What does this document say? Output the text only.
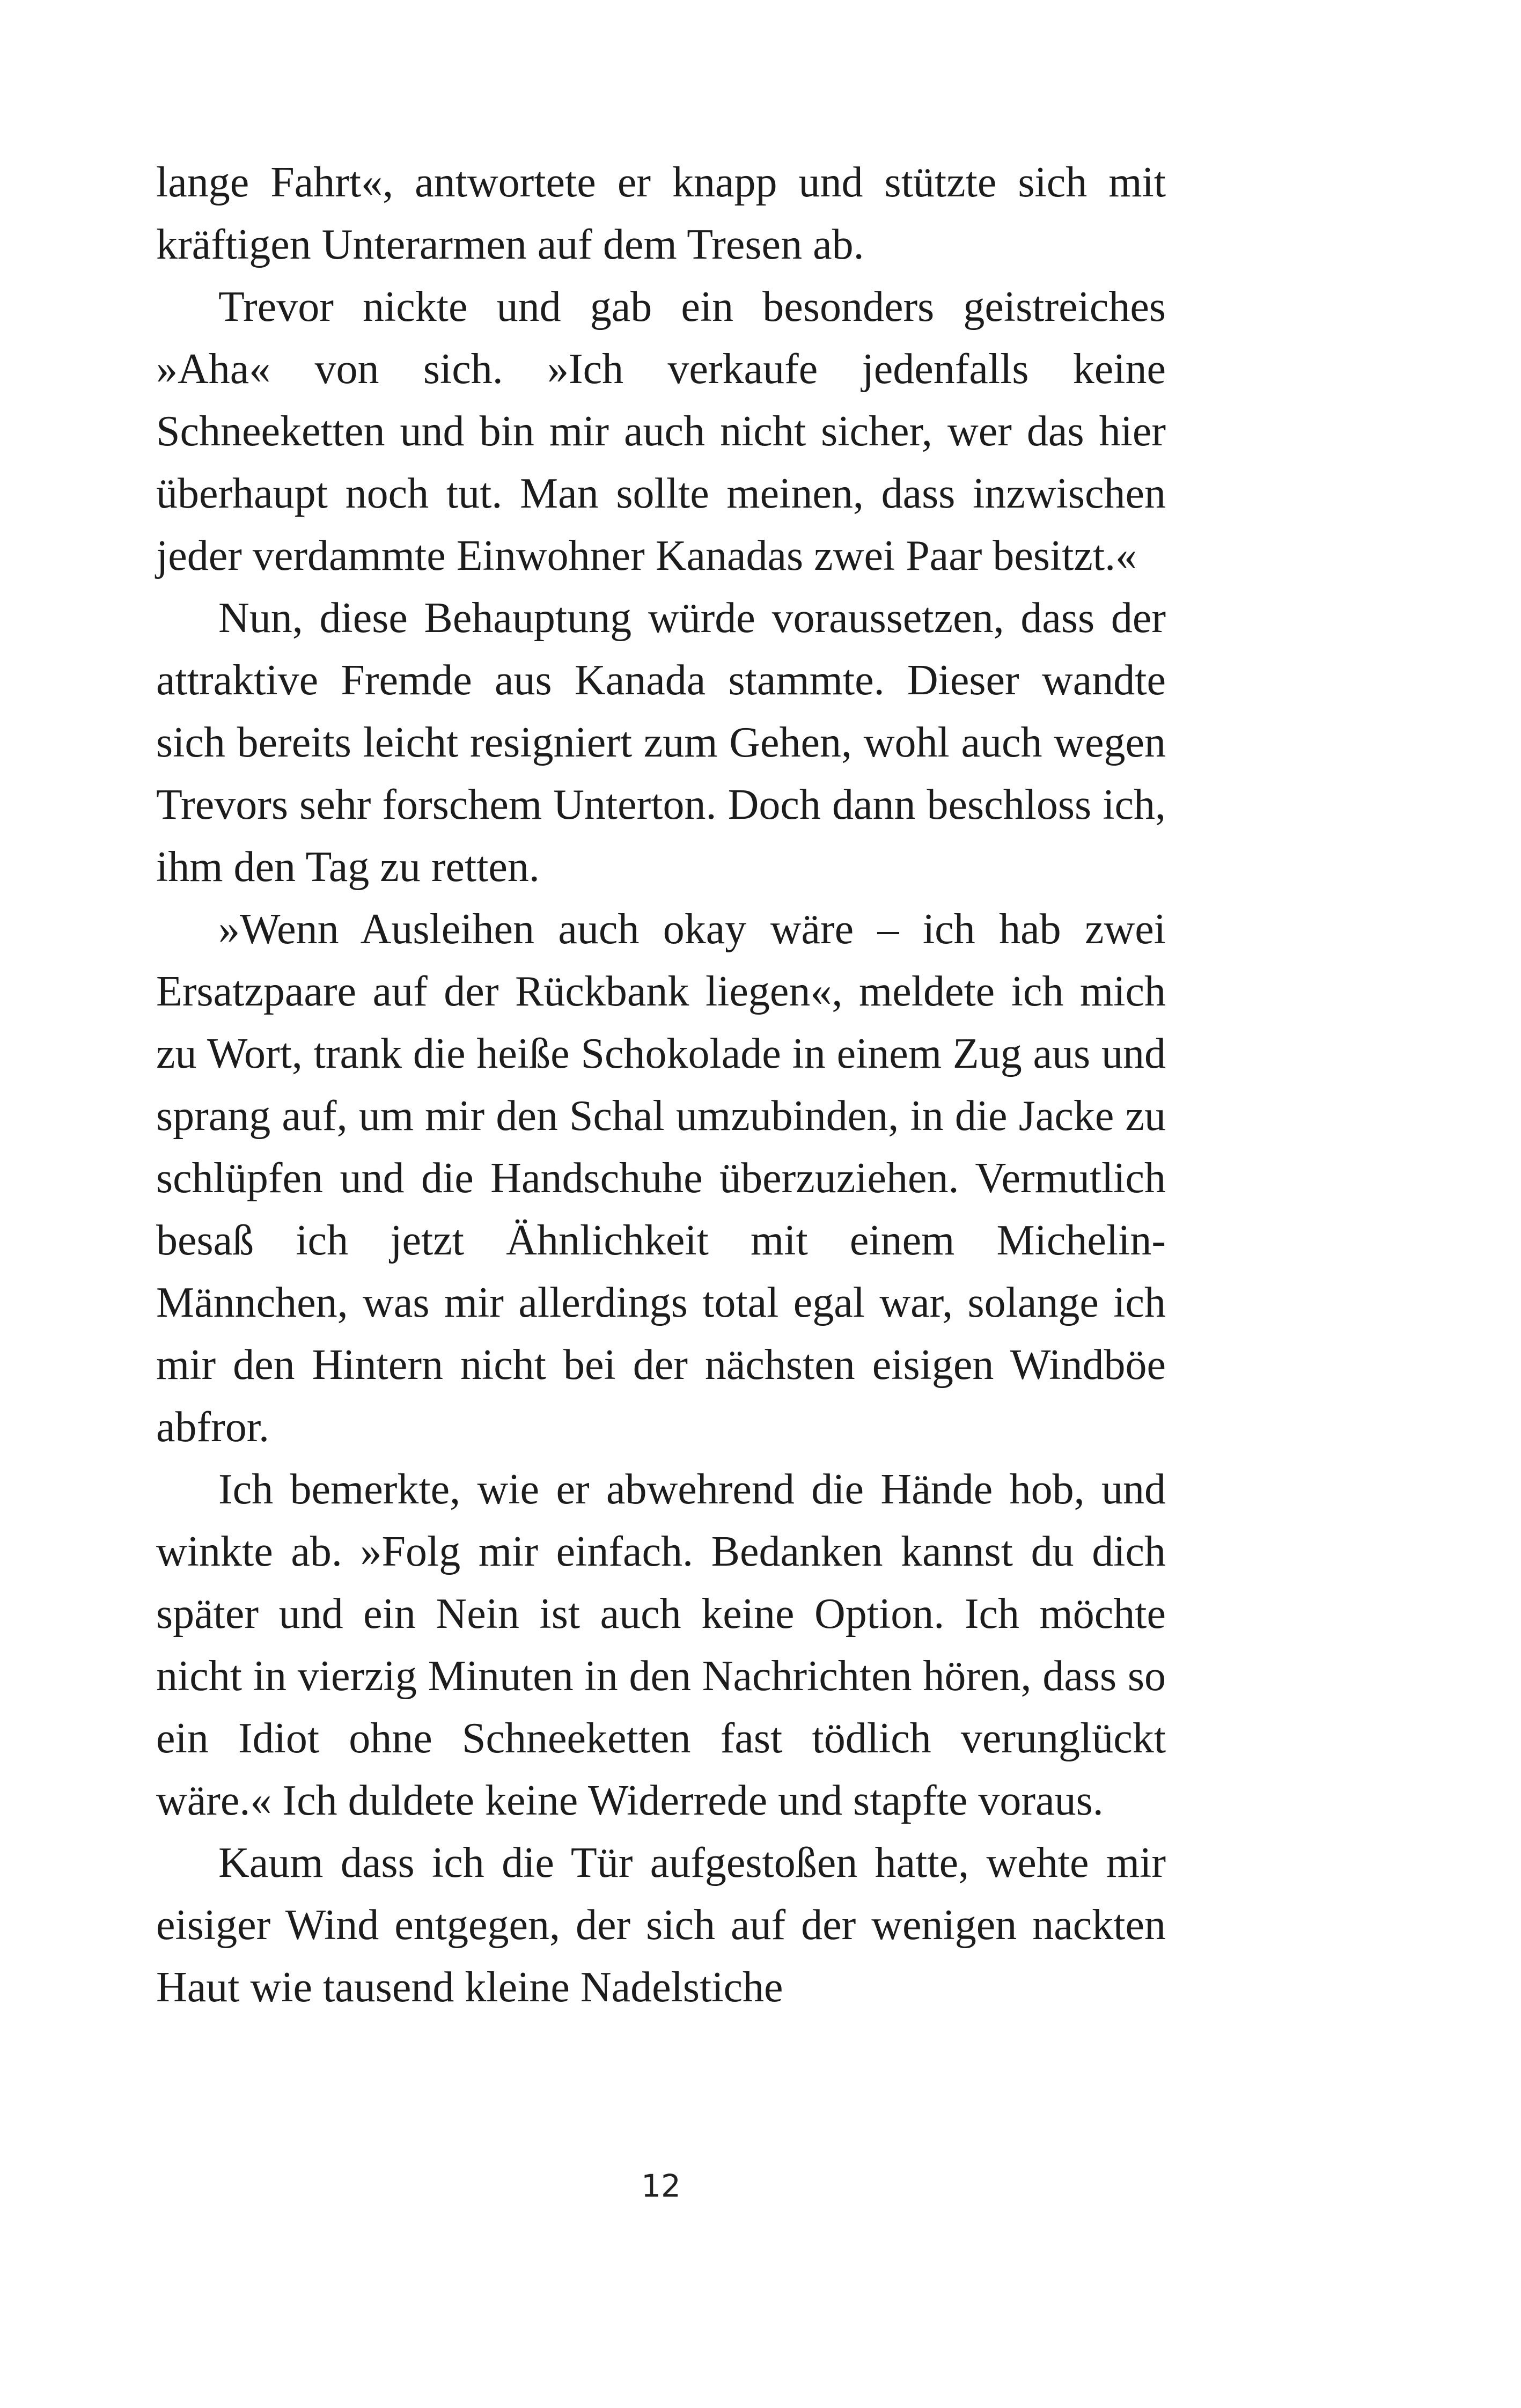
lange Fahrt«, antwortete er knapp und stützte sich mit kräftigen Unterarmen auf dem Tresen ab.

Trevor nickte und gab ein besonders geistreiches »Aha« von sich. »Ich verkaufe jedenfalls keine Schneeketten und bin mir auch nicht sicher, wer das hier überhaupt noch tut. Man sollte meinen, dass inzwischen jeder verdammte Einwohner Kanadas zwei Paar besitzt.«

Nun, diese Behauptung würde voraussetzen, dass der attraktive Fremde aus Kanada stammte. Dieser wandte sich bereits leicht resigniert zum Gehen, wohl auch wegen Trevors sehr forschem Unterton. Doch dann beschloss ich, ihm den Tag zu retten.

»Wenn Ausleihen auch okay wäre – ich hab zwei Ersatzpaare auf der Rückbank liegen«, meldete ich mich zu Wort, trank die heiße Schokolade in einem Zug aus und sprang auf, um mir den Schal umzubinden, in die Jacke zu schlüpfen und die Handschuhe überzuziehen. Vermutlich besaß ich jetzt Ähnlichkeit mit einem Michelin-Männchen, was mir allerdings total egal war, solange ich mir den Hintern nicht bei der nächsten eisigen Windböe abfror.

Ich bemerkte, wie er abwehrend die Hände hob, und winkte ab. »Folg mir einfach. Bedanken kannst du dich später und ein Nein ist auch keine Option. Ich möchte nicht in vierzig Minuten in den Nachrichten hören, dass so ein Idiot ohne Schneeketten fast tödlich verunglückt wäre.« Ich duldete keine Widerrede und stapfte voraus.

Kaum dass ich die Tür aufgestoßen hatte, wehte mir eisiger Wind entgegen, der sich auf der wenigen nackten Haut wie tausend kleine Nadelstiche

12
